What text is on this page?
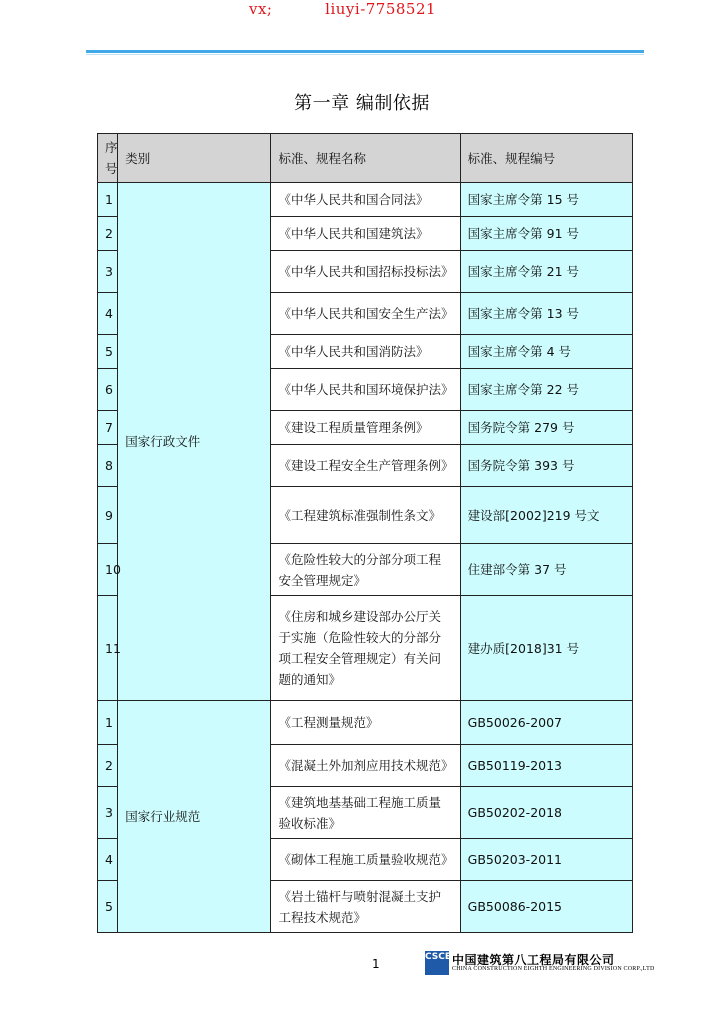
vx;          liuyi-7758521
第一章 编制依据
序号	类别	标准、规程名称	标准、规程编号
1	国家行政文件	《中华人民共和国合同法》	国家主席令第 15 号
2		《中华人民共和国建筑法》	国家主席令第 91 号
3		《中华人民共和国招标投标法》	国家主席令第 21 号
4		《中华人民共和国安全生产法》	国家主席令第 13 号
5		《中华人民共和国消防法》	国家主席令第 4 号
6		《中华人民共和国环境保护法》	国家主席令第 22 号
7		《建设工程质量管理条例》	国务院令第 279 号
8		《建设工程安全生产管理条例》	国务院令第 393 号
9		《工程建筑标准强制性条文》	建设部[2002]219 号文
10		《危险性较大的分部分项工程安全管理规定》	住建部令第 37 号
11		《住房和城乡建设部办公厅关于实施（危险性较大的分部分项工程安全管理规定）有关问题的通知》	建办质[2018]31 号
1	国家行业规范	《工程测量规范》	GB50026-2007
2		《混凝土外加剂应用技术规范》	GB50119-2013
3		《建筑地基基础工程施工质量验收标准》	GB50202-2018
4		《砌体工程施工质量验收规范》	GB50203-2011
5		《岩土锚杆与喷射混凝土支护工程技术规范》	GB50086-2015
1	CSCEC
中国建筑第八工程局有限公司
CHINA CONSTRUCTION EIGHTH ENGINEERING DIVISION CORP.,LTD
